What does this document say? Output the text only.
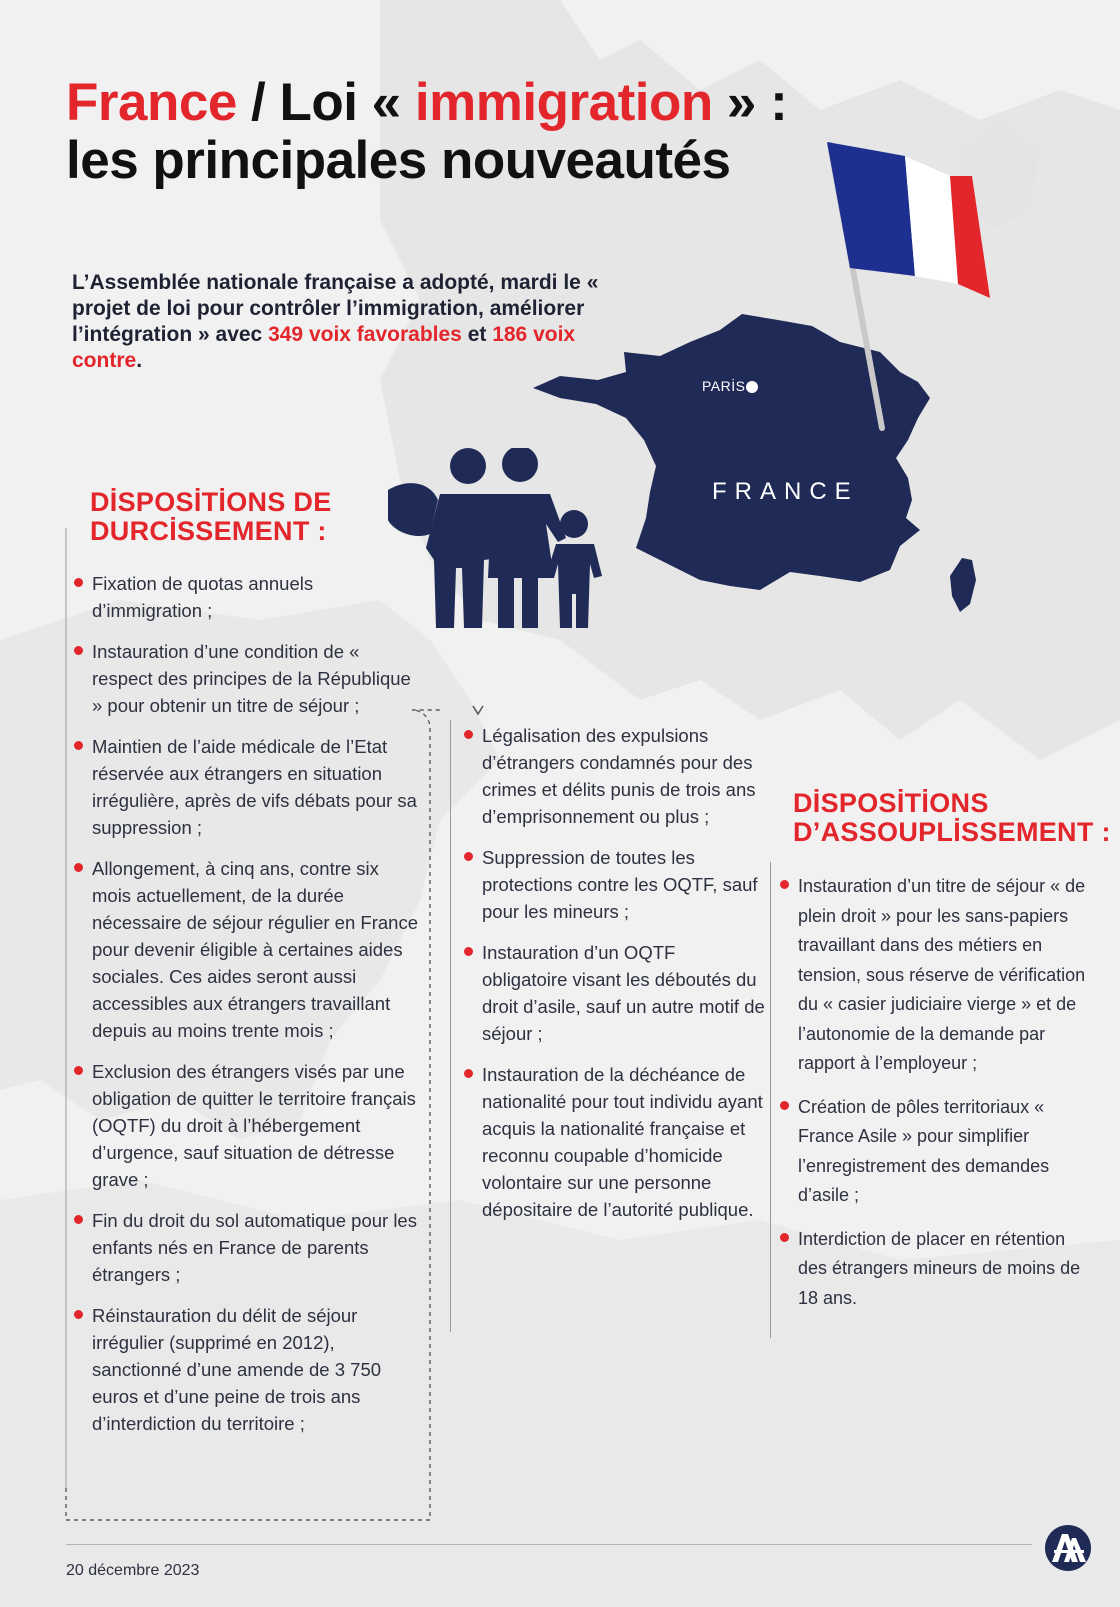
PARİS

FRANCE

France / Loi « immigration » :
les principales nouveautés

L’Assemblée nationale française a adopté, mardi le « projet de loi pour contrôler l’immigration, améliorer l’intégration » avec 349 voix favorables et 186 voix contre.

DİSPOSİTİONS DE
DURCİSSEMENT :
Fixation de quotas annuels d’immigration ;
Instauration d’une condition de « respect des principes de la République » pour obtenir un titre de séjour ;
Maintien de l’aide médicale de l’Etat réservée aux étrangers en situation irrégulière, après de vifs débats pour sa suppression ;
Allongement, à cinq ans, contre six mois actuellement, de la durée nécessaire de séjour régulier en France pour devenir éligible à certaines aides sociales. Ces aides seront aussi accessibles aux étrangers travaillant depuis au moins trente mois ;
Exclusion des étrangers visés par une obligation de quitter le territoire français (OQTF) du droit à l’hébergement d’urgence, sauf situation de détresse grave ;
Fin du droit du sol automatique pour les enfants nés en France de parents étrangers ;
Réinstauration du délit de séjour irrégulier (supprimé en 2012), sanctionné d’une amende de 3 750 euros et d’une peine de trois ans d’interdiction du territoire ;
Légalisation des expulsions d’étrangers condamnés pour des crimes et délits punis de trois ans d’emprisonnement ou plus ;
Suppression de toutes les protections contre les OQTF, sauf pour les mineurs ;
Instauration d’un OQTF obligatoire visant les déboutés du droit d’asile, sauf un autre motif de séjour ;
Instauration de la déchéance de nationalité pour tout individu ayant acquis la nationalité française et reconnu coupable d’homicide volontaire sur une personne dépositaire de l’autorité publique.
DİSPOSİTİONS
D’ASSOUPLİSSEMENT :
Instauration d’un titre de séjour « de plein droit » pour les sans-papiers travaillant dans des métiers en tension, sous réserve de vérification du « casier judiciaire vierge » et de l’autonomie de la demande par rapport à l’employeur ;
Création de pôles territoriaux « France Asile » pour simplifier l’enregistrement des demandes d’asile ;
Interdiction de placer en rétention des étrangers mineurs de moins de 18 ans.

20 décembre 2023
